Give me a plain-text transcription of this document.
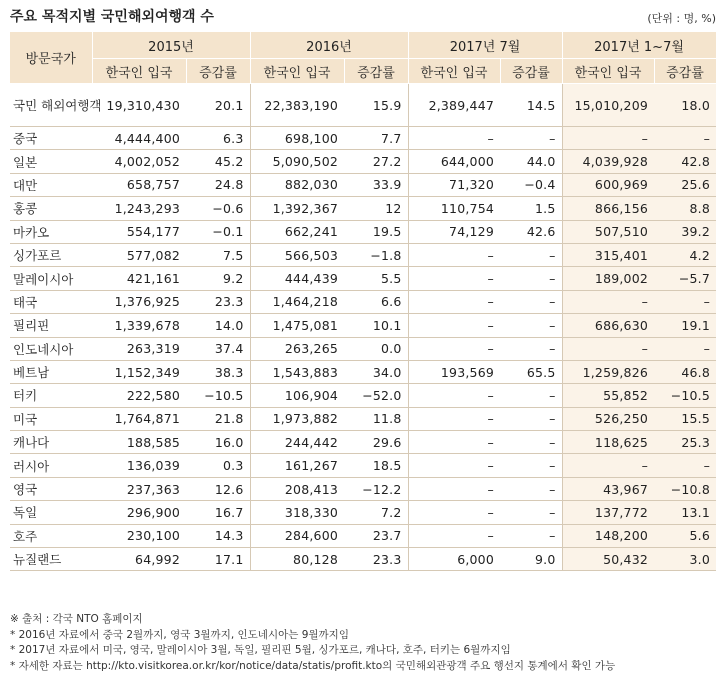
주요 목적지별 국민해외여행객 수	(단위 : 명, %)
방문국가	2015년		2016년		2017년 7월		2017년 1~7월	
	한국인 입국	증감률	한국인 입국	증감률	한국인 입국	증감률	한국인 입국	증감률
국민 해외여행객	19,310,430	20.1	22,383,190	15.9	2,389,447	14.5	15,010,209	18.0
중국	4,444,400	6.3	698,100	7.7	–	–	–	–
일본	4,002,052	45.2	5,090,502	27.2	644,000	44.0	4,039,928	42.8
대만	658,757	24.8	882,030	33.9	71,320	−0.4	600,969	25.6
홍콩	1,243,293	−0.6	1,392,367	12	110,754	1.5	866,156	8.8
마카오	554,177	−0.1	662,241	19.5	74,129	42.6	507,510	39.2
싱가포르	577,082	7.5	566,503	−1.8	–	–	315,401	4.2
말레이시아	421,161	9.2	444,439	5.5	–	–	189,002	−5.7
태국	1,376,925	23.3	1,464,218	6.6	–	–	–	–
필리핀	1,339,678	14.0	1,475,081	10.1	–	–	686,630	19.1
인도네시아	263,319	37.4	263,265	0.0	–	–	–	–
베트남	1,152,349	38.3	1,543,883	34.0	193,569	65.5	1,259,826	46.8
터키	222,580	−10.5	106,904	−52.0	–	–	55,852	−10.5
미국	1,764,871	21.8	1,973,882	11.8	–	–	526,250	15.5
캐나다	188,585	16.0	244,442	29.6	–	–	118,625	25.3
러시아	136,039	0.3	161,267	18.5	–	–	–	–
영국	237,363	12.6	208,413	−12.2	–	–	43,967	−10.8
독일	296,900	16.7	318,330	7.2	–	–	137,772	13.1
호주	230,100	14.3	284,600	23.7	–	–	148,200	5.6
뉴질랜드	64,992	17.1	80,128	23.3	6,000	9.0	50,432	3.0
※ 출처 : 각국 NTO 홈페이지
* 2016년 자료에서 중국 2월까지, 영국 3월까지, 인도네시아는 9월까지임
* 2017년 자료에서 미국, 영국, 말레이시아 3월, 독일, 필리핀 5월, 싱가포르, 캐나다, 호주, 터키는 6월까지임
* 자세한 자료는 http://kto.visitkorea.or.kr/kor/notice/data/statis/profit.kto의 국민해외관광객 주요 행선지 통계에서 확인 가능
